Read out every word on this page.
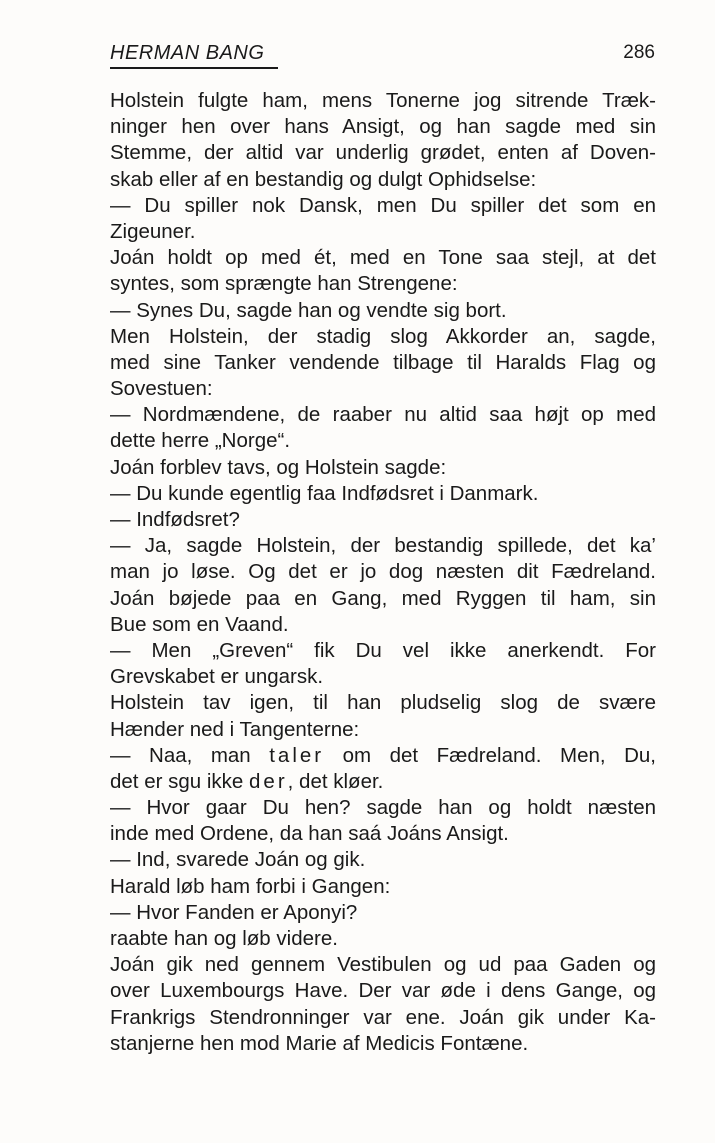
HERMAN BANG	286
Holstein fulgte ham, mens Tonerne jog sitrende Træk-
ninger hen over hans Ansigt, og han sagde med sin
Stemme, der altid var underlig grødet, enten af Doven-
skab eller af en bestandig og dulgt Ophidselse:
— Du spiller nok Dansk, men Du spiller det som en
Zigeuner.
Joán holdt op med ét, med en Tone saa stejl, at det
syntes, som sprængte han Strengene:
— Synes Du, sagde han og vendte sig bort.
Men Holstein, der stadig slog Akkorder an, sagde,
med sine Tanker vendende tilbage til Haralds Flag og
Sovestuen:
— Nordmændene, de raaber nu altid saa højt op med
dette herre „Norge“.
Joán forblev tavs, og Holstein sagde:
— Du kunde egentlig faa Indfødsret i Danmark.
— Indfødsret?
— Ja, sagde Holstein, der bestandig spillede, det ka’
man jo løse. Og det er jo dog næsten dit Fædreland.
Joán bøjede paa en Gang, med Ryggen til ham, sin
Bue som en Vaand.
— Men „Greven“ fik Du vel ikke anerkendt. For
Grevskabet er ungarsk.
Holstein tav igen, til han pludselig slog de svære
Hænder ned i Tangenterne:
— Naa, man taler om det Fædreland. Men, Du,
det er sgu ikke der, det kløer.
— Hvor gaar Du hen? sagde han og holdt næsten
inde med Ordene, da han saá Joáns Ansigt.
— Ind, svarede Joán og gik.
Harald løb ham forbi i Gangen:
— Hvor Fanden er Aponyi?
raabte han og løb videre.
Joán gik ned gennem Vestibulen og ud paa Gaden og
over Luxembourgs Have. Der var øde i dens Gange, og
Frankrigs Stendronninger var ene. Joán gik under Ka-
stanjerne hen mod Marie af Medicis Fontæne.
